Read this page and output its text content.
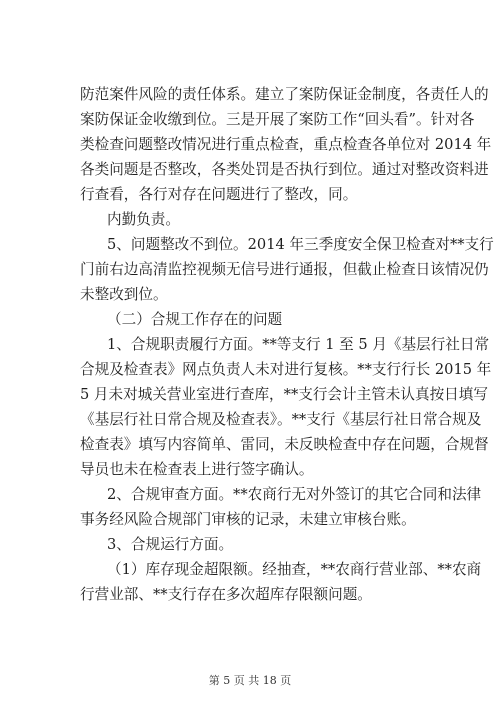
防范案件风险的责任体系。建立了案防保证金制度，各责任人的
案防保证金收缴到位。三是开展了案防工作“回头看”。针对各
类检查问题整改情况进行重点检查，重点检查各单位对 2014 年
各类问题是否整改，各类处罚是否执行到位。通过对整改资料进
行查看，各行对存在问题进行了整改，同。
内勤负责。
5、问题整改不到位。2014 年三季度安全保卫检查对**支行
门前右边高清监控视频无信号进行通报，但截止检查日该情况仍
未整改到位。
（二）合规工作存在的问题
1、合规职责履行方面。**等支行 1 至 5 月《基层行社日常
合规及检查表》网点负责人未对进行复核。**支行行长 2015 年
5 月未对城关营业室进行查库，**支行会计主管未认真按日填写
《基层行社日常合规及检查表》。**支行《基层行社日常合规及
检查表》填写内容简单、雷同，未反映检查中存在问题，合规督
导员也未在检查表上进行签字确认。
2、合规审查方面。**农商行无对外签订的其它合同和法律
事务经风险合规部门审核的记录，未建立审核台账。
3、合规运行方面。
（1）库存现金超限额。经抽查，**农商行营业部、**农商
行营业部、**支行存在多次超库存限额问题。
第 5 页 共 18 页
